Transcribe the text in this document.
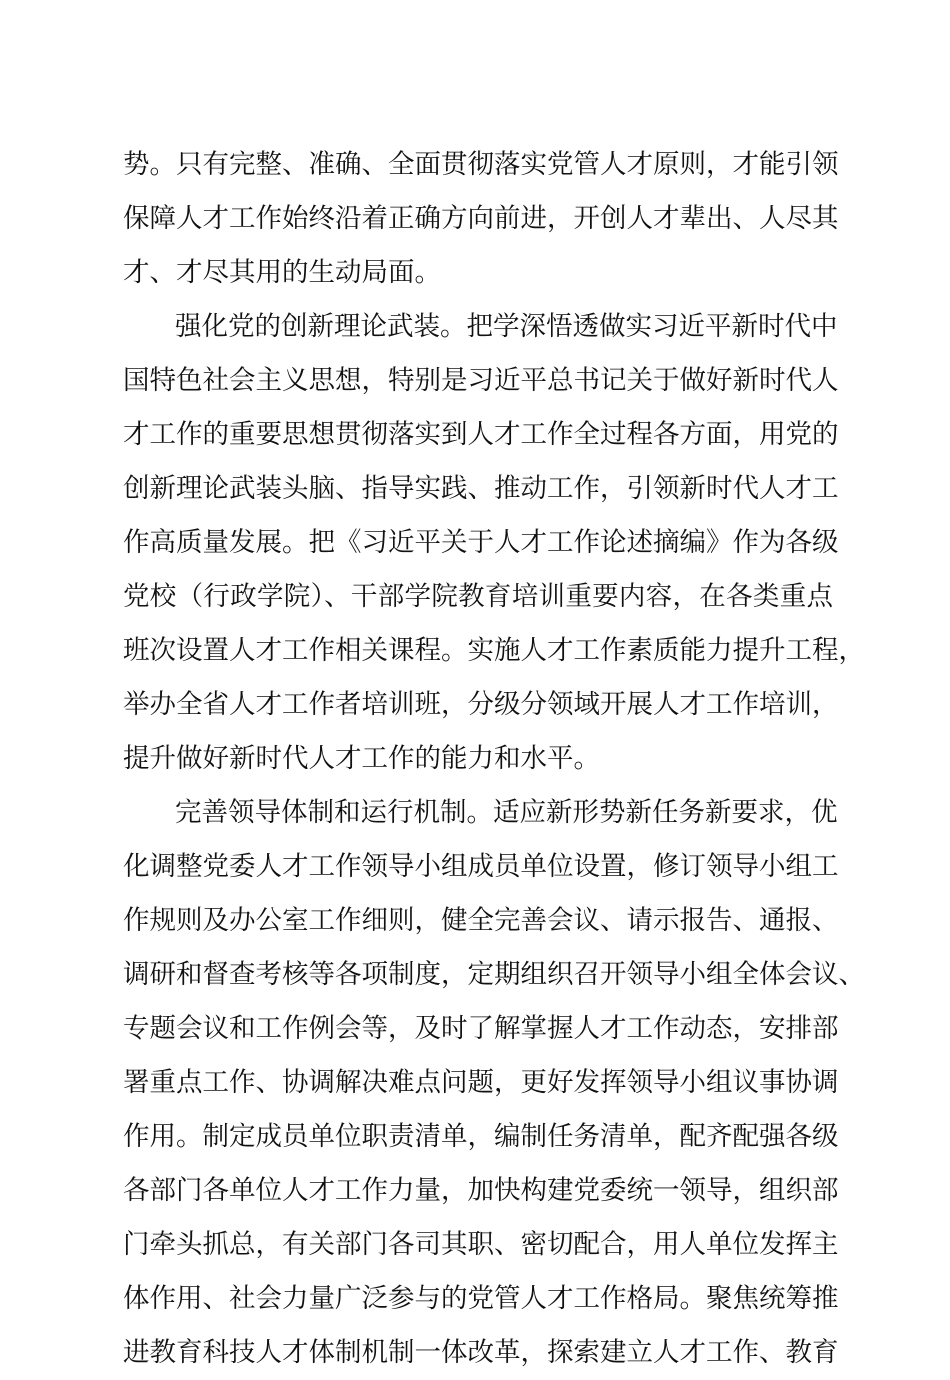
势。只有完整、准确、全面贯彻落实党管人才原则，才能引领
保障人才工作始终沿着正确方向前进，开创人才辈出、人尽其
才、才尽其用的生动局面。
强化党的创新理论武装。把学深悟透做实习近平新时代中
国特色社会主义思想，特别是习近平总书记关于做好新时代人
才工作的重要思想贯彻落实到人才工作全过程各方面，用党的
创新理论武装头脑、指导实践、推动工作，引领新时代人才工
作高质量发展。把《习近平关于人才工作论述摘编》作为各级
党校（行政学院）、干部学院教育培训重要内容，在各类重点
班次设置人才工作相关课程。实施人才工作素质能力提升工程，
举办全省人才工作者培训班，分级分领域开展人才工作培训，
提升做好新时代人才工作的能力和水平。
完善领导体制和运行机制。适应新形势新任务新要求，优
化调整党委人才工作领导小组成员单位设置，修订领导小组工
作规则及办公室工作细则，健全完善会议、请示报告、通报、
调研和督查考核等各项制度，定期组织召开领导小组全体会议、
专题会议和工作例会等，及时了解掌握人才工作动态，安排部
署重点工作、协调解决难点问题，更好发挥领导小组议事协调
作用。制定成员单位职责清单，编制任务清单，配齐配强各级
各部门各单位人才工作力量，加快构建党委统一领导，组织部
门牵头抓总，有关部门各司其职、密切配合，用人单位发挥主
体作用、社会力量广泛参与的党管人才工作格局。聚焦统筹推
进教育科技人才体制机制一体改革，探索建立人才工作、教育
